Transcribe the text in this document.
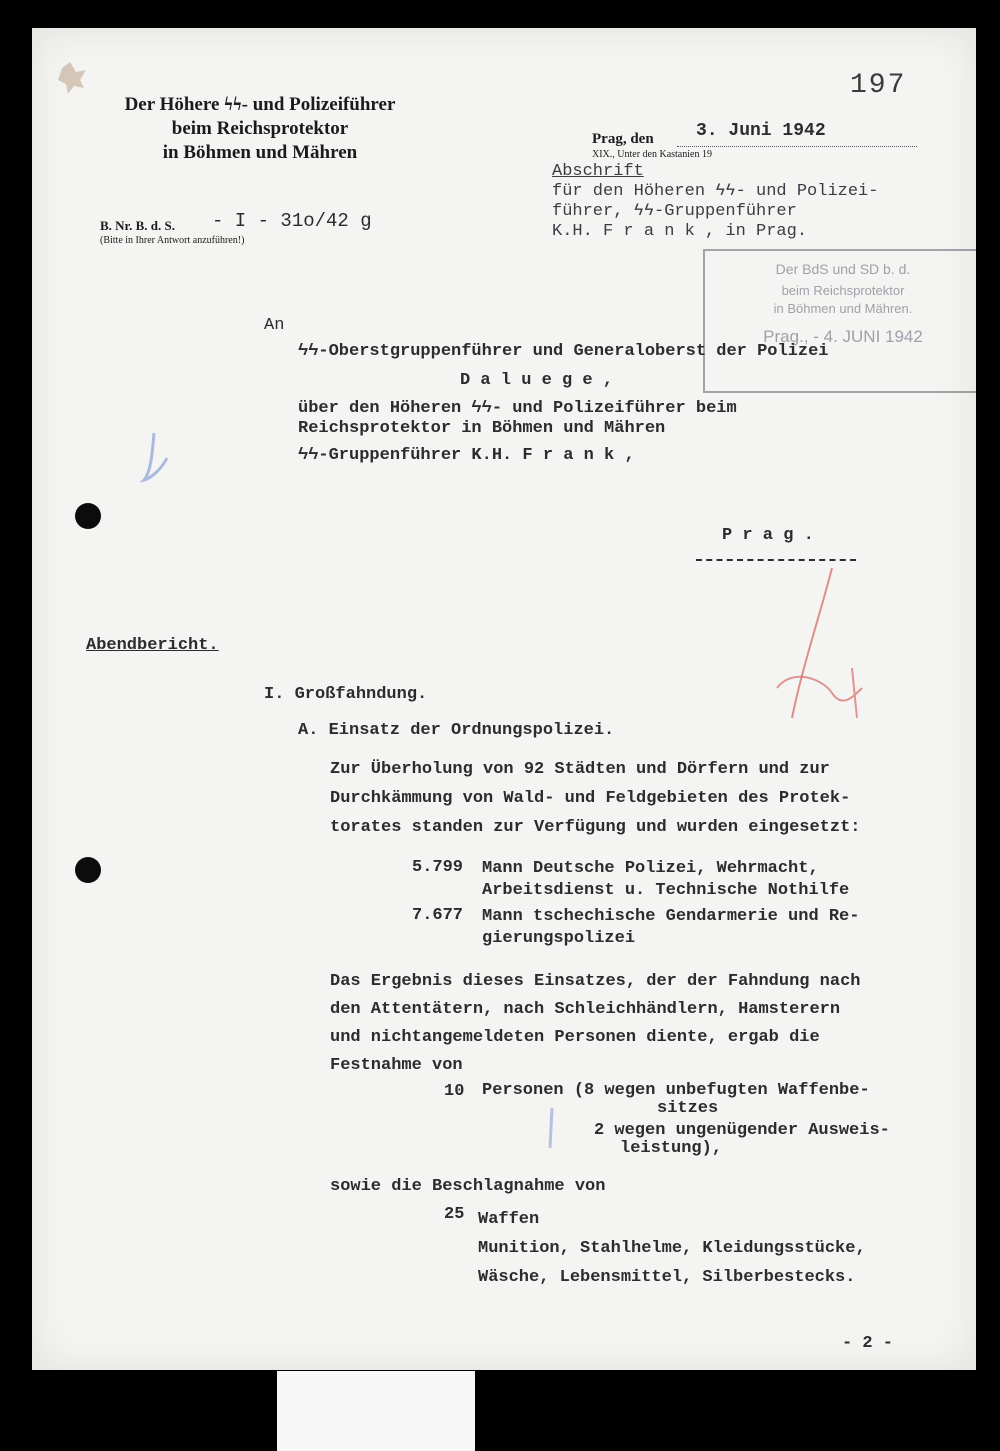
197
Der Höhere ϟϟ- und Polizeiführer
beim Reichsprotektor
in Böhmen und Mähren
Prag, den 3. Juni 1942
XIX., Unter den Kastanien 19
Abschrift
für den Höheren ϟϟ- und Polizei-
führer, ϟϟ-Gruppenführer
K.H. F r a n k , in Prag.
B. Nr. B. d. S. - I - 31o/42 g
(Bitte in Ihrer Antwort anzuführen!)
Der BdS und SD b. d.
beim Reichsprotektor
in Böhmen und Mähren.
Prag., - 4. JUNI 1942
An
ϟϟ-Oberstgruppenführer und Generaloberst der Polizei
D a l u e g e ,
über den Höheren ϟϟ- und Polizeiführer beim
Reichsprotektor in Böhmen und Mähren
ϟϟ-Gruppenführer K.H. F r a n k ,
P r a g .
Abendbericht.
I. Großfahndung.
A. Einsatz der Ordnungspolizei.
Zur Überholung von 92 Städten und Dörfern und zur
Durchkämmung von Wald- und Feldgebieten des Protek-
torates standen zur Verfügung und wurden eingesetzt:
5.799 Mann Deutsche Polizei, Wehrmacht,
Arbeitsdienst u. Technische Nothilfe
7.677 Mann tschechische Gendarmerie und Re-
gierungspolizei
Das Ergebnis dieses Einsatzes, der der Fahndung nach
den Attentätern, nach Schleichhändlern, Hamsterern
und nichtangemeldeten Personen diente, ergab die
Festnahme von
10 Personen (8 wegen unbefugten Waffenbe-
sitzes
2 wegen ungenügender Ausweis-
leistung),
sowie die Beschlagnahme von
25 Waffen
Munition, Stahlhelme, Kleidungsstücke,
Wäsche, Lebensmittel, Silberbestecks.
- 2 -
